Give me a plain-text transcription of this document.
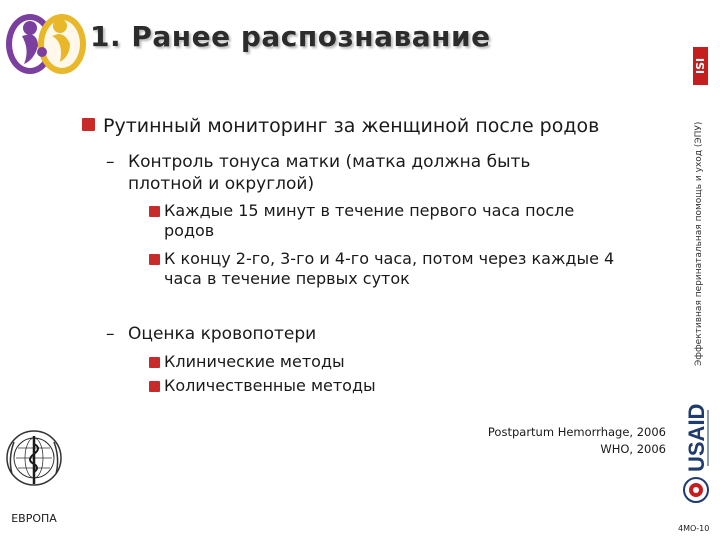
1. Ранее распознавание
ISI
Эффективная перинатальная помощь и уход (ЭПУ)
Рутинный мониторинг за женщиной после родов
– Контроль тонуса матки (матка должна быть плотной и округлой)
Каждые 15 минут в течение первого часа после родов
К концу 2-го, 3-го и 4-го часа, потом через каждые 4 часа в течение первых суток
– Оценка кровопотери
Клинические методы
Количественные методы
Postpartum Hemorrhage, 2006
WHO, 2006 USAID
ЕВРОПА
4МО-10
